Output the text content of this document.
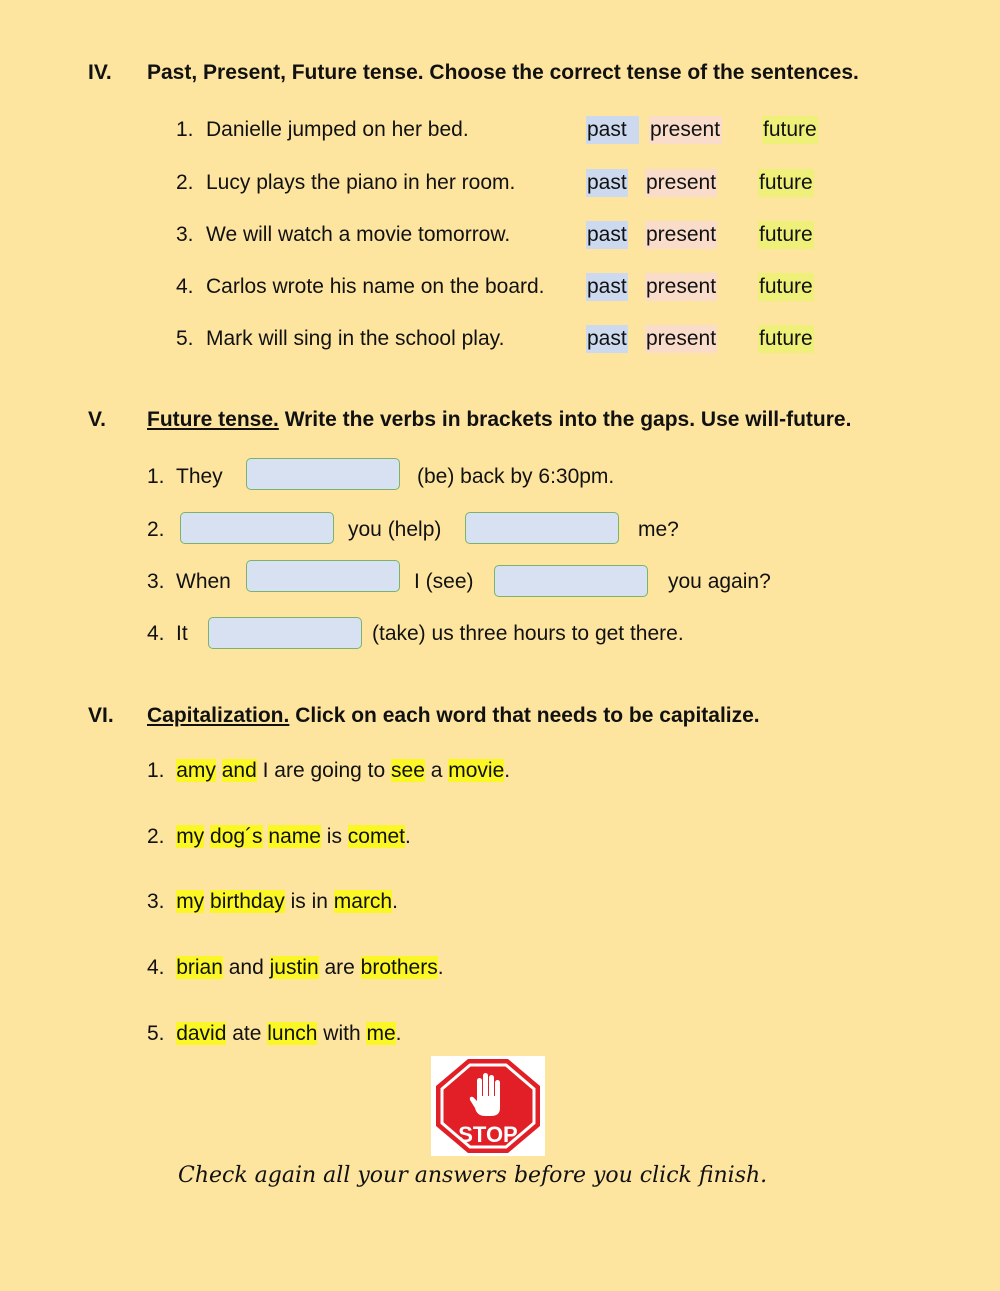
IV. Past, Present, Future tense. Choose the correct tense of the sentences.
1. Danielle jumped on her bed.	past	present future
2. Lucy plays the piano in her room.	past present future
3. We will watch a movie tomorrow.	past present future
4. Carlos wrote his name on the board. past present future
5. Mark will sing in the school play.	past present future
V. Future tense. Write the verbs in brackets into the gaps. Use will-future.
1. They	(be) back by 6:30pm.
2.	you (help)	me?
3. When	I (see)	you again?
4. It	(take) us three hours to get there.
VI. Capitalization. Click on each word that needs to be capitalize.
1. amy and I are going to see a movie.
2. my dog´s name is comet.
3. my birthday is in march.
4. brian and justin are brothers.
5. david ate lunch with me.
STOP
Check again all your answers before you click finish.
